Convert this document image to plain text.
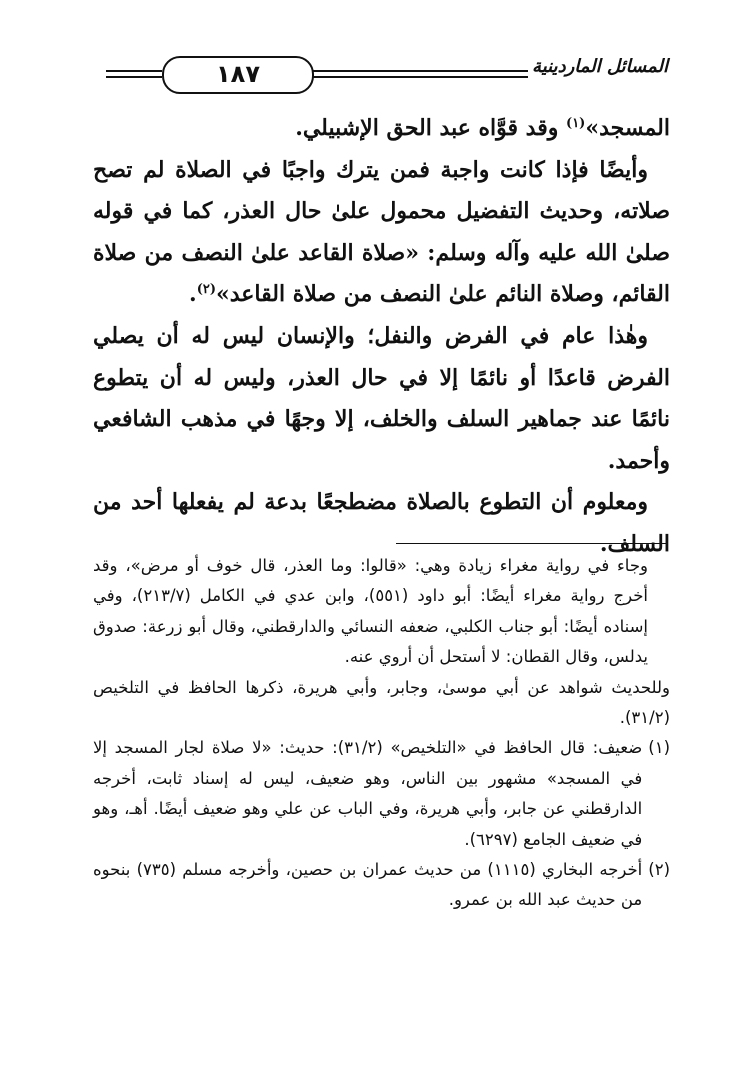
١٨٧	المسائل الماردينية

المسجد»$^{(١)}$ وقد قوَّاه عبد الحق الإشبيلي.

وأيضًا فإذا كانت واجبة فمن يترك واجبًا في الصلاة لم تصح صلاته، وحديث التفضيل محمول علىٰ حال العذر، كما في قوله صلىٰ الله عليه وآله وسلم: «صلاة القاعد علىٰ النصف من صلاة القائم، وصلاة النائم علىٰ النصف من صلاة القاعد»$^{(٢)}$.

وهٰذا عام في الفرض والنفل؛ والإنسان ليس له أن يصلي الفرض قاعدًا أو نائمًا إلا في حال العذر، وليس له أن يتطوع نائمًا عند جماهير السلف والخلف، إلا وجهًا في مذهب الشافعي وأحمد.

ومعلوم أن التطوع بالصلاة مضطجعًا بدعة لم يفعلها أحد من السلف.

وجاء في رواية مغراء زيادة وهي: «قالوا: وما العذر، قال خوف أو مرض»، وقد أخرج رواية مغراء أيضًا: أبو داود (٥٥١)، وابن عدي في الكامل (٢١٣/٧)، وفي إسناده أيضًا: أبو جناب الكلبي، ضعفه النسائي والدارقطني، وقال أبو زرعة: صدوق يدلس، وقال القطان: لا أستحل أن أروي عنه.

وللحديث شواهد عن أبي موسىٰ، وجابر، وأبي هريرة، ذكرها الحافظ في التلخيص (٣١/٢).

(١)
ضعيف: قال الحافظ في «التلخيص» (٣١/٢): حديث: «لا صلاة لجار المسجد إلا في المسجد» مشهور بين الناس، وهو ضعيف، ليس له إسناد ثابت، أخرجه الدارقطني عن جابر، وأبي هريرة، وفي الباب عن علي وهو ضعيف أيضًا. أهـ، وهو في ضعيف الجامع (٦٢٩٧).
(٢)
أخرجه البخاري (١١١٥) من حديث عمران بن حصين، وأخرجه مسلم (٧٣٥) بنحوه من حديث عبد الله بن عمرو.
